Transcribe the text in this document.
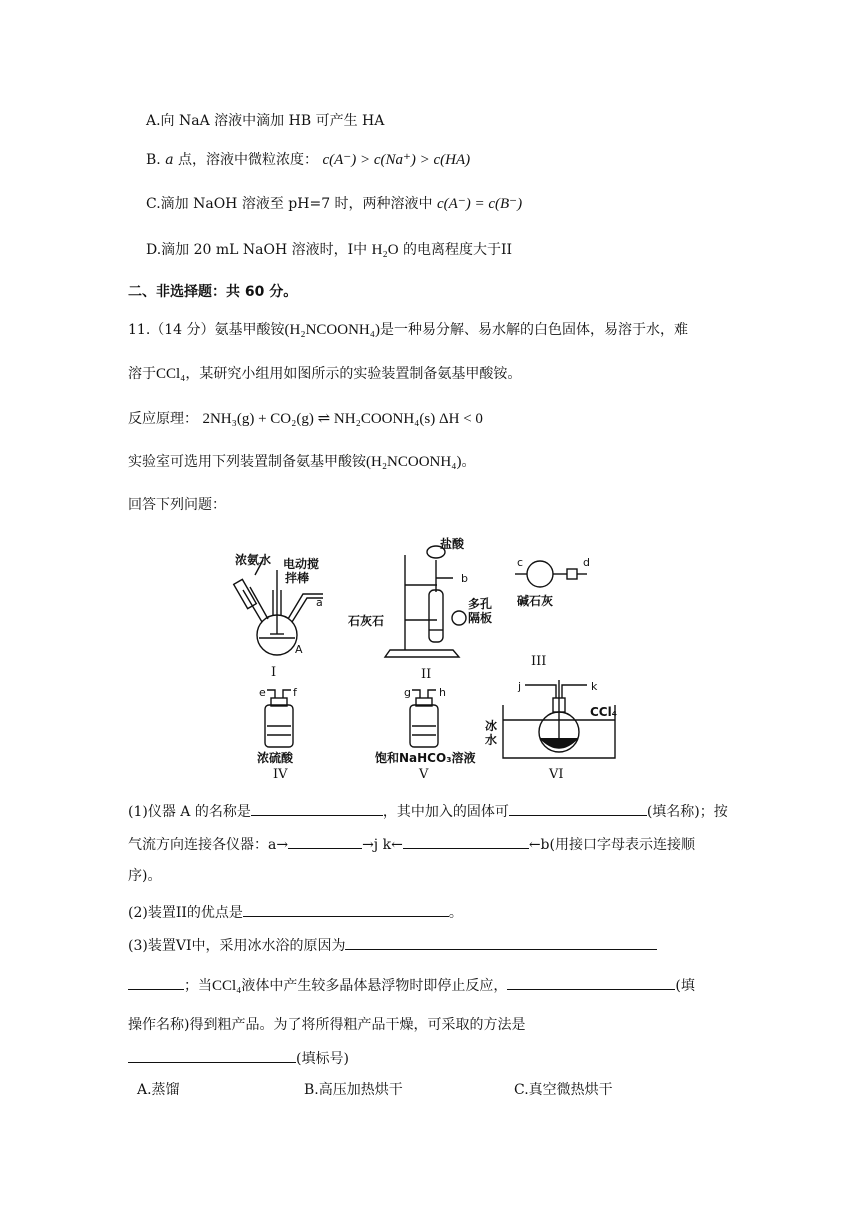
A.向 NaA 溶液中滴加 HB 可产生 HA
B. a 点，溶液中微粒浓度： c(A⁻) > c(Na⁺) > c(HA)
C.滴加 NaOH 溶液至 pH=7 时，两种溶液中 c(A⁻) = c(B⁻)
D.滴加 20 mL NaOH 溶液时，I中 H₂O 的电离程度大于II
二、非选择题：共 60 分。
11.（14 分）氨基甲酸铵(H₂NCOONH₄)是一种易分解、易水解的白色固体，易溶于水，难
溶于CCl₄，某研究小组用如图所示的实验装置制备氨基甲酸铵。
反应原理： 2NH₃(g) + CO₂(g) ⇌ NH₂COONH₄(s) ΔH < 0
实验室可选用下列装置制备氨基甲酸铵(H₂NCOONH₄)。
回答下列问题：
浓氨水 电动搅
拌棒
a
A
I
盐酸
b
多孔
隔板
石灰石
II
c	d
碱石灰
III
e f
浓硫酸
IV
g	h
饱和NaHCO₃溶液
V
j	k
CCl₄
冰
水
VI
(1)仪器 A 的名称是	，其中加入的固体可	(填名称)；按
气流方向连接各仪器：a→	→j k←	←b(用接口字母表示连接顺
序)。
(2)装置II的优点是	。
(3)装置VI中，采用冰水浴的原因为
；当CCl₄液体中产生较多晶体悬浮物时即停止反应，	(填
操作名称)得到粗产品。为了将所得粗产品干燥，可采取的方法是
(填标号)
A.蒸馏	B.高压加热烘干	C.真空微热烘干
